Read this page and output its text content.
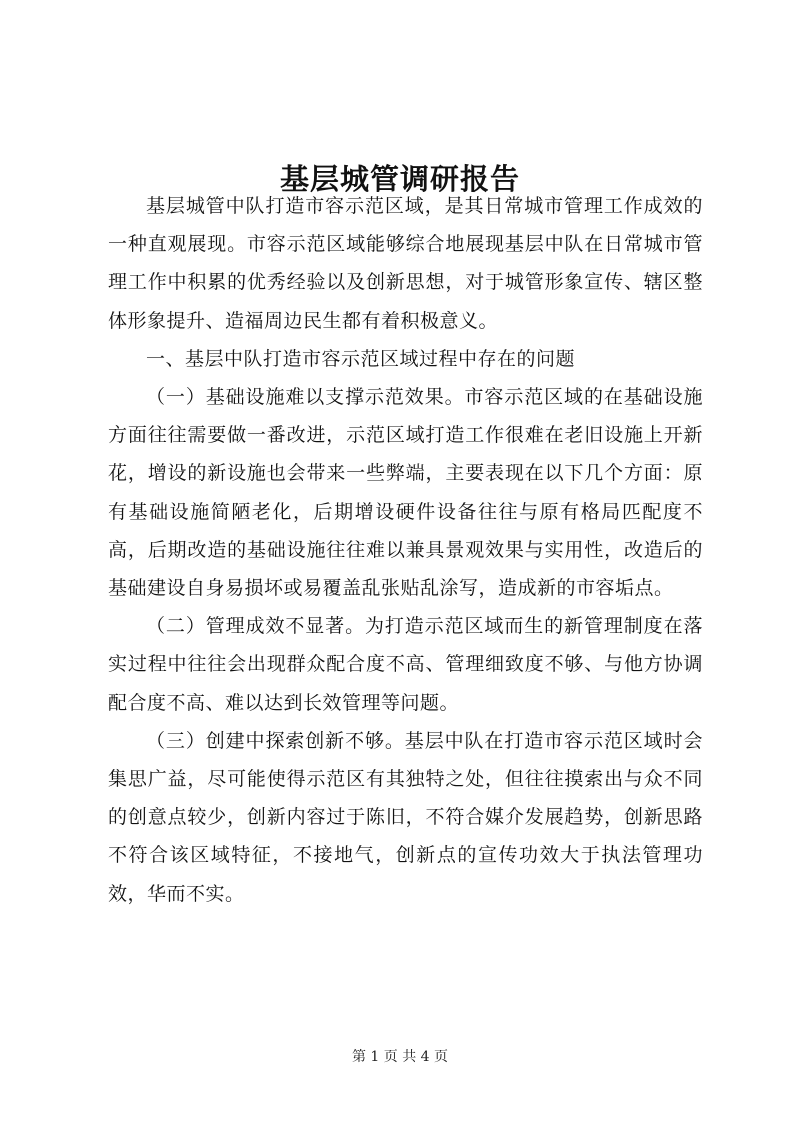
基层城管调研报告

基层城管中队打造市容示范区域，是其日常城市管理工作成效的一种直观展现。市容示范区域能够综合地展现基层中队在日常城市管理工作中积累的优秀经验以及创新思想，对于城管形象宣传、辖区整体形象提升、造福周边民生都有着积极意义。

一、基层中队打造市容示范区域过程中存在的问题

（一）基础设施难以支撑示范效果。市容示范区域的在基础设施方面往往需要做一番改进，示范区域打造工作很难在老旧设施上开新花，增设的新设施也会带来一些弊端，主要表现在以下几个方面：原有基础设施简陋老化，后期增设硬件设备往往与原有格局匹配度不高，后期改造的基础设施往往难以兼具景观效果与实用性，改造后的基础建设自身易损坏或易覆盖乱张贴乱涂写，造成新的市容垢点。

（二）管理成效不显著。为打造示范区域而生的新管理制度在落实过程中往往会出现群众配合度不高、管理细致度不够、与他方协调配合度不高、难以达到长效管理等问题。

（三）创建中探索创新不够。基层中队在打造市容示范区域时会集思广益，尽可能使得示范区有其独特之处，但往往摸索出与众不同的创意点较少，创新内容过于陈旧，不符合媒介发展趋势，创新思路不符合该区域特征，不接地气，创新点的宣传功效大于执法管理功效，华而不实。

第 1 页 共 4 页
